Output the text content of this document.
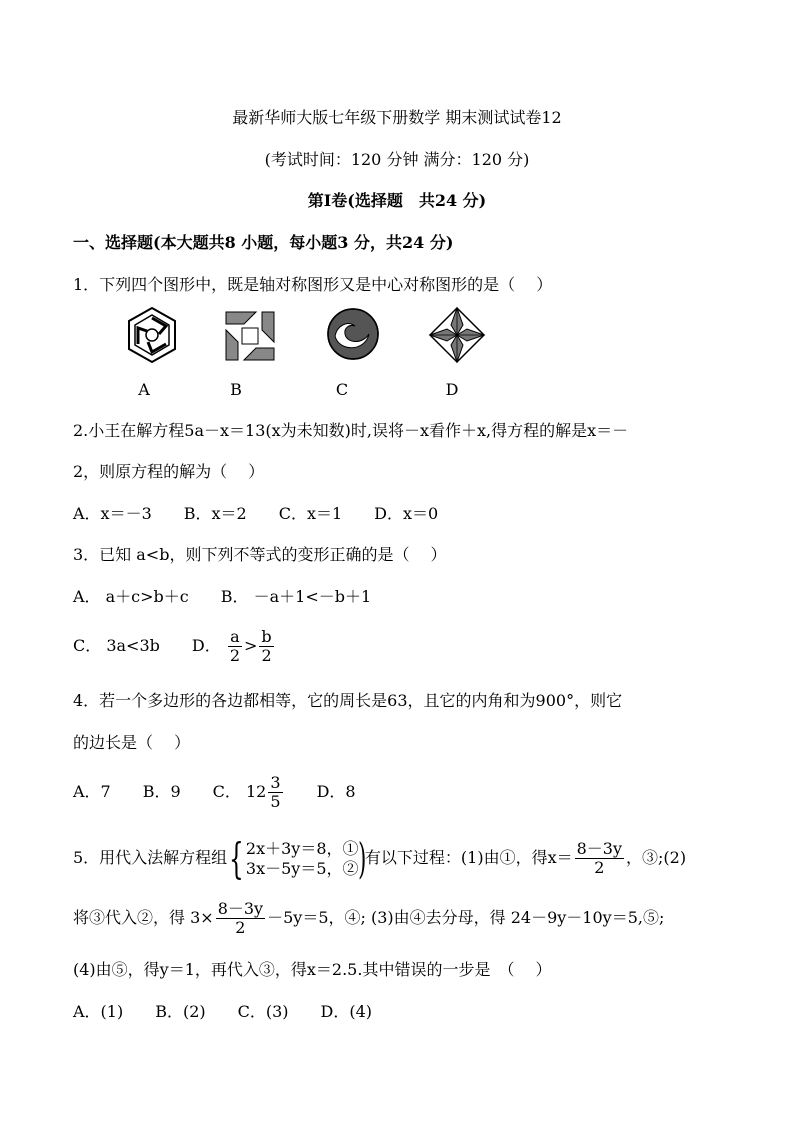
最新华师大版七年级下册数学 期末测试试卷12
(考试时间：120 分钟 满分：120 分)
第Ⅰ卷(选择题　共24 分)
一、选择题(本大题共8 小题，每小题3 分，共24 分)
1．下列四个图形中，既是轴对称图形又是中心对称图形的是（　 ）
A	B	C	D
2.小王在解方程5a－x＝13(x为未知数)时,误将－x看作＋x,得方程的解是x＝－
2，则原方程的解为（　 ）
A．x＝－3　　B．x＝2　　C．x＝1　　D．x＝0
3．已知 a<b，则下列不等式的变形正确的是（　 ）
A． a＋c>b＋c　　B． －a＋1<－b＋1
C． 3a<3b　　D． $\frac{a}{2} > \frac{b}{2}$
4．若一个多边形的各边都相等，它的周长是63，且它的内角和为900°，则它
的边长是（　 ）
A．7　　B．9　　C． $12 \frac{3}{5}$ 　　D．8
5．用代入法解方程组{ 2x＋3y＝8，①
3x－5y＝5，② )有以下过程：(1)由①，得$x= \frac{8-3y}{2}$ ，③;(2)
将③代入②，得 $3\times \frac{8-3y}{2} -5y=5$，④; (3)由④去分母，得 24－9y－10y＝5,⑤;
(4)由⑤，得y＝1，再代入③，得x＝2.5.其中错误的一步是　（　 ）
A．(1)　　B．(2)　　C．(3)　　D．(4)
